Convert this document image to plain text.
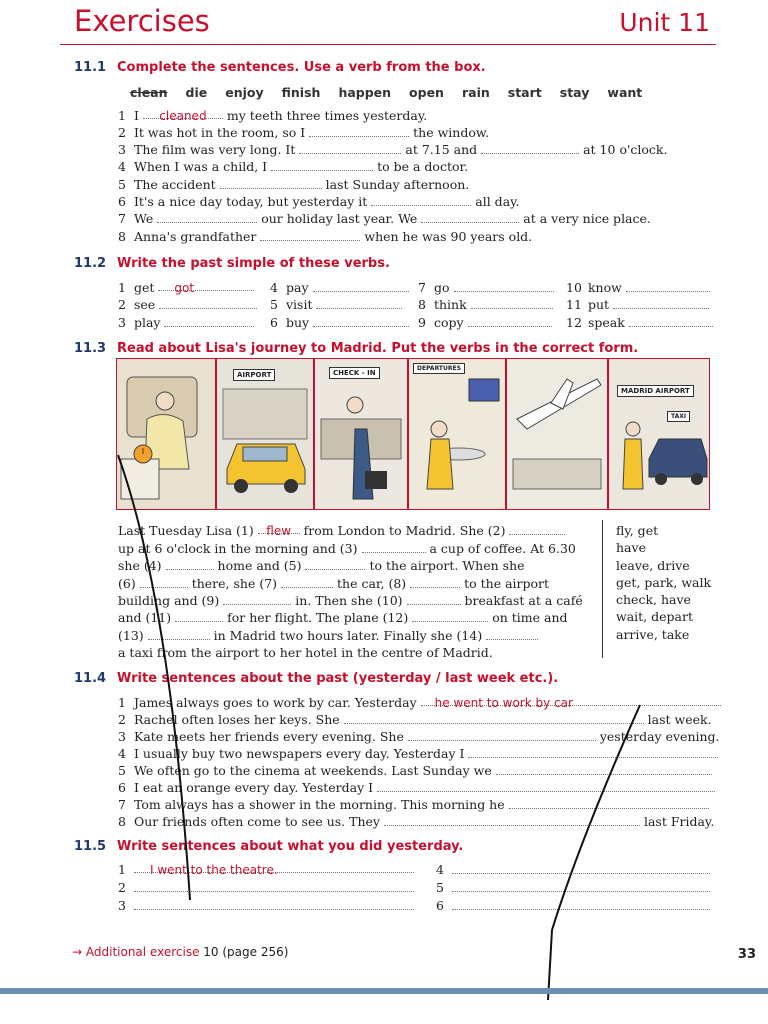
Exercises	Unit 11
11.1 Complete the sentences. Use a verb from the box.
clean die enjoy finish happen open rain start stay want
1 I cleaned my teeth three times yesterday.
2 It was hot in the room, so I	the window.
3 The film was very long. It	at 7.15 and	at 10 o'clock.
4 When I was a child, I	to be a doctor.
5 The accident	last Sunday afternoon.
6 It's a nice day today, but yesterday it	all day.
7 We	our holiday last year. We	at a very nice place.
8 Anna's grandfather	when he was 90 years old.
11.2 Write the past simple of these verbs.
1 get got
2 see
3 play
4 pay
5 visit
6 buy
7 go
8 think
9 copy
10 know
11 put
12 speak
11.3 Read about Lisa's journey to Madrid. Put the verbs in the correct form.
AIRPORT	CHECK - IN
DEPARTURES
MADRID AIRPORT
TAXI
Last Tuesday Lisa (1) flew from London to Madrid. She (2)
up at 6 o'clock in the morning and (3)	a cup of coffee. At 6.30
she (4)	home and (5)	to the airport. When she
(6)	there, she (7)	the car, (8)	to the airport
building and (9)	in. Then she (10)	breakfast at a café
and (11)	for her flight. The plane (12)	on time and
(13)	in Madrid two hours later. Finally she (14)
a taxi from the airport to her hotel in the centre of Madrid.
fly, get
have
leave, drive
get, park, walk
check, have
wait, depart
arrive, take
11.4 Write sentences about the past (yesterday / last week etc.).
1 James always goes to work by car. Yesterday he went to work by car
2 Rachel often loses her keys. She	last week.
3 Kate meets her friends every evening. She	yesterday evening.
4 I usually buy two newspapers every day. Yesterday I
5 We often go to the cinema at weekends. Last Sunday we
6 I eat an orange every day. Yesterday I
7 Tom always has a shower in the morning. This morning he
8 Our friends often come to see us. They	last Friday.
11.5 Write sentences about what you did yesterday.
1 I went to the theatre.
2
3
4
5
6
→ Additional exercise 10 (page 256)	33
